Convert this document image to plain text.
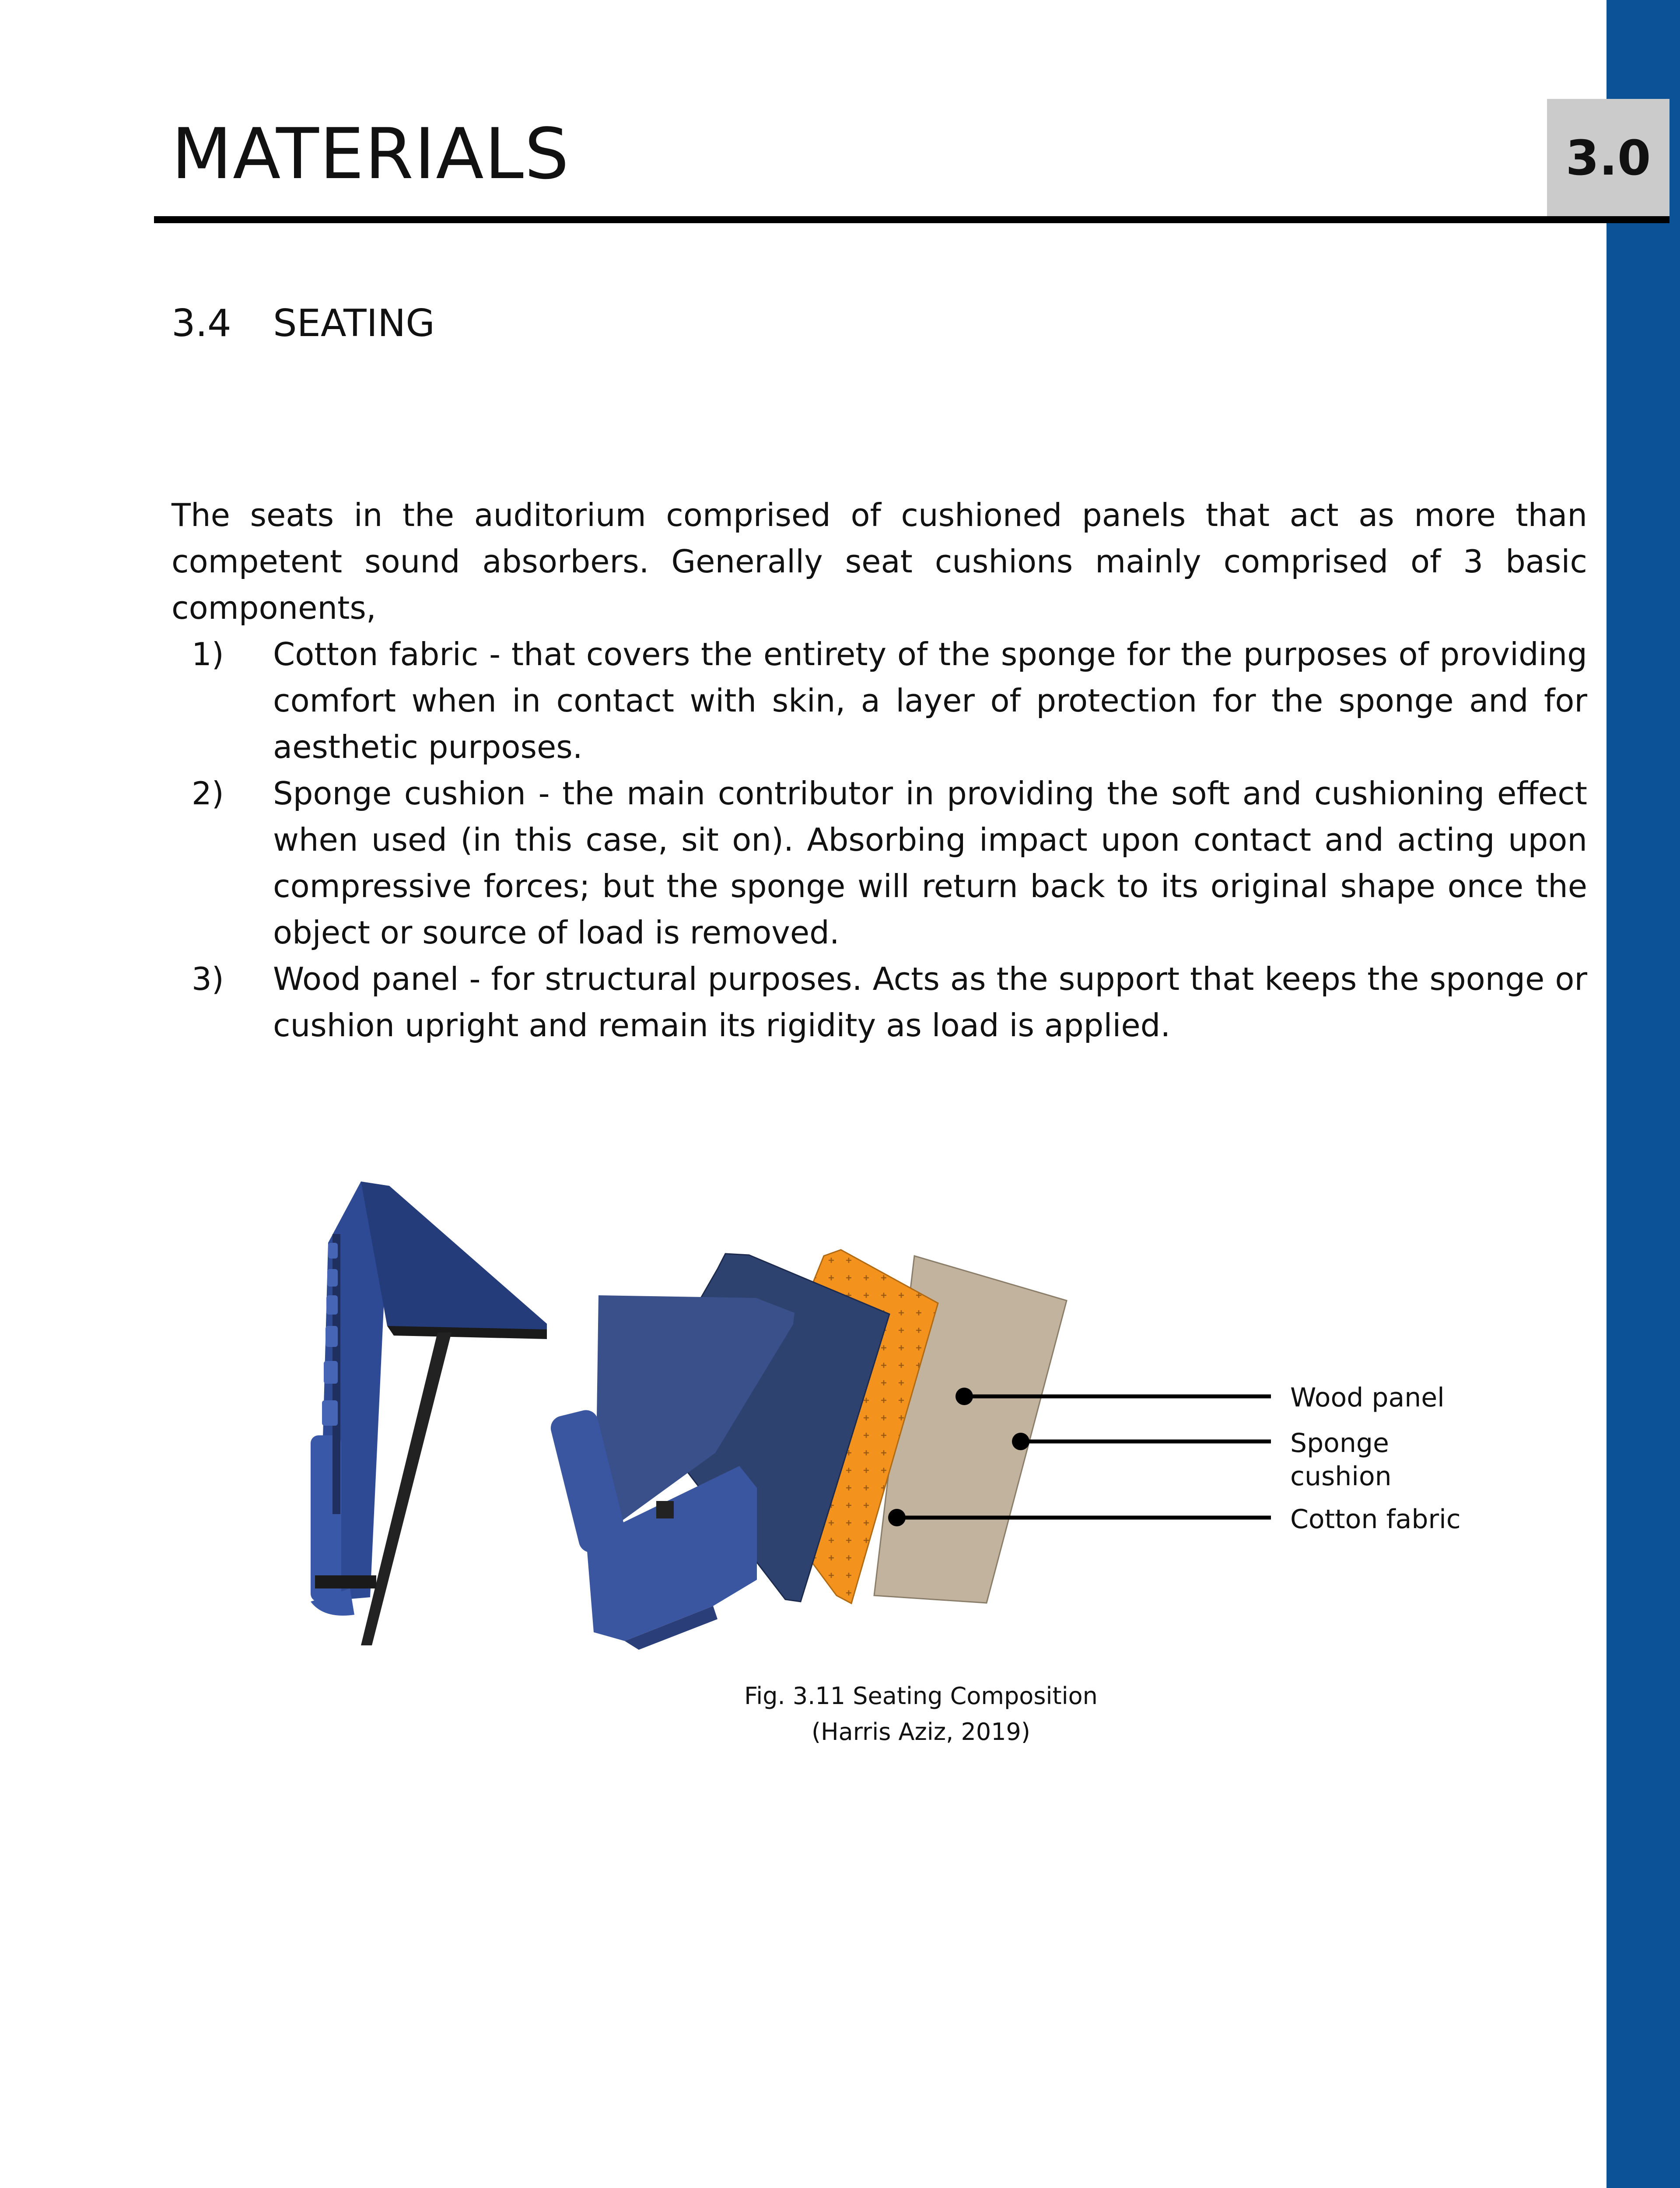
3.0
MATERIALS
3.4 SEATING

The seats in the auditorium comprised of cushioned panels that act as more than competent sound absorbers. Generally seat cushions mainly comprised of 3 basic components,

1) Cotton fabric - that covers the entirety of the sponge for the purposes of providing comfort when in contact with skin, a layer of protection for the sponge and for aesthetic purposes.
2) Sponge cushion - the main contributor in providing the soft and cushioning effect when used (in this case, sit on). Absorbing impact upon contact and acting upon compressive forces; but the sponge will return back to its original shape once the object or source of load is removed.
3) Wood panel - for structural purposes. Acts as the support that keeps the sponge or cushion upright and remain its rigidity as load is applied.
Wood panel
Sponge
cushion
Cotton fabric
Fig. 3.11 Seating Composition
(Harris Aziz, 2019)
